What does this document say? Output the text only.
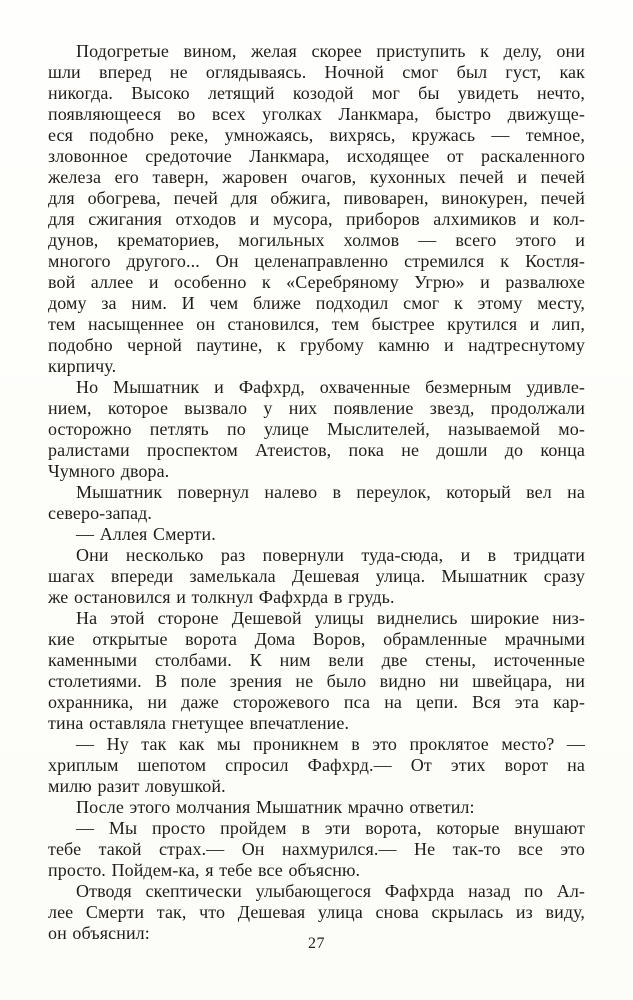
Подогретые вином, желая скорее приступить к делу, они
шли вперед не оглядываясь. Ночной смог был густ, как
никогда. Высоко летящий козодой мог бы увидеть нечто,
появляющееся во всех уголках Ланкмара, быстро движуще-
еся подобно реке, умножаясь, вихрясь, кружась — темное,
зловонное средоточие Ланкмара, исходящее от раскаленного
железа его таверн, жаровен очагов, кухонных печей и печей
для обогрева, печей для обжига, пивоварен, винокурен, печей
для сжигания отходов и мусора, приборов алхимиков и кол-
дунов, крематориев, могильных холмов — всего этого и
многого другого... Он целенаправленно стремился к Костля-
вой аллее и особенно к «Серебряному Угрю» и развалюхе
дому за ним. И чем ближе подходил смог к этому месту,
тем насыщеннее он становился, тем быстрее крутился и лип,
подобно черной паутине, к грубому камню и надтреснутому
кирпичу.
Но Мышатник и Фафхрд, охваченные безмерным удивле-
нием, которое вызвало у них появление звезд, продолжали
осторожно петлять по улице Мыслителей, называемой мо-
ралистами проспектом Атеистов, пока не дошли до конца
Чумного двора.
Мышатник повернул налево в переулок, который вел на
северо-запад.
— Аллея Смерти.
Они несколько раз повернули туда-сюда, и в тридцати
шагах впереди замелькала Дешевая улица. Мышатник сразу
же остановился и толкнул Фафхрда в грудь.
На этой стороне Дешевой улицы виднелись широкие низ-
кие открытые ворота Дома Воров, обрамленные мрачными
каменными столбами. К ним вели две стены, источенные
столетиями. В поле зрения не было видно ни швейцара, ни
охранника, ни даже сторожевого пса на цепи. Вся эта кар-
тина оставляла гнетущее впечатление.
— Ну так как мы проникнем в это проклятое место? —
хриплым шепотом спросил Фафхрд.— От этих ворот на
милю разит ловушкой.
После этого молчания Мышатник мрачно ответил:
— Мы просто пройдем в эти ворота, которые внушают
тебе такой страх.— Он нахмурился.— Не так-то все это
просто. Пойдем-ка, я тебе все объясню.
Отводя скептически улыбающегося Фафхрда назад по Ал-
лее Смерти так, что Дешевая улица снова скрылась из виду,
он объяснил:
27
